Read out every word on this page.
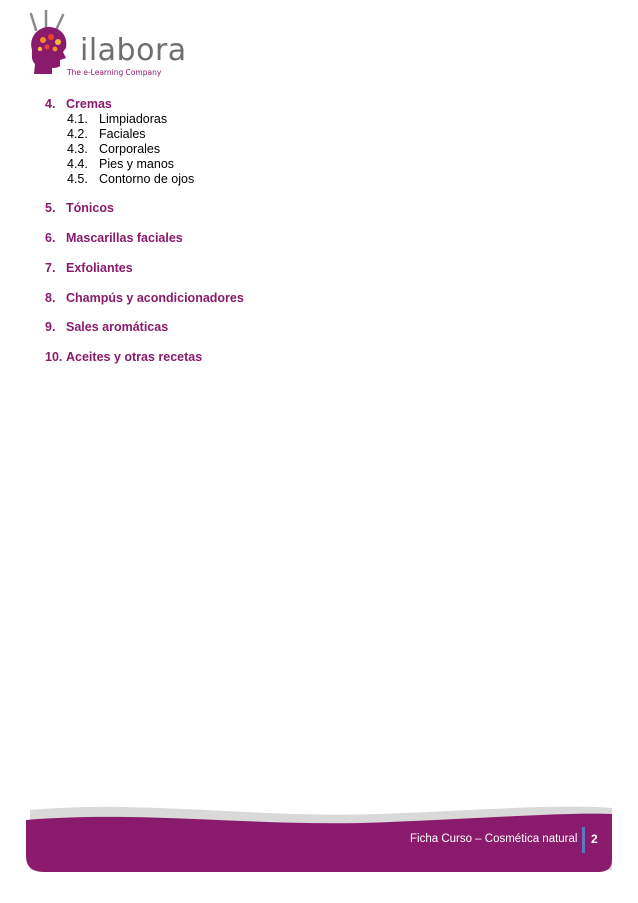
ilabora
The e-Learning Company
4. Cremas
4.1. Limpiadoras
4.2. Faciales
4.3. Corporales
4.4. Pies y manos
4.5. Contorno de ojos
5. Tónicos
6. Mascarillas faciales
7. Exfoliantes
8. Champús y acondicionadores
9. Sales aromáticas
10. Aceites y otras recetas
Ficha Curso – Cosmética natural 2
